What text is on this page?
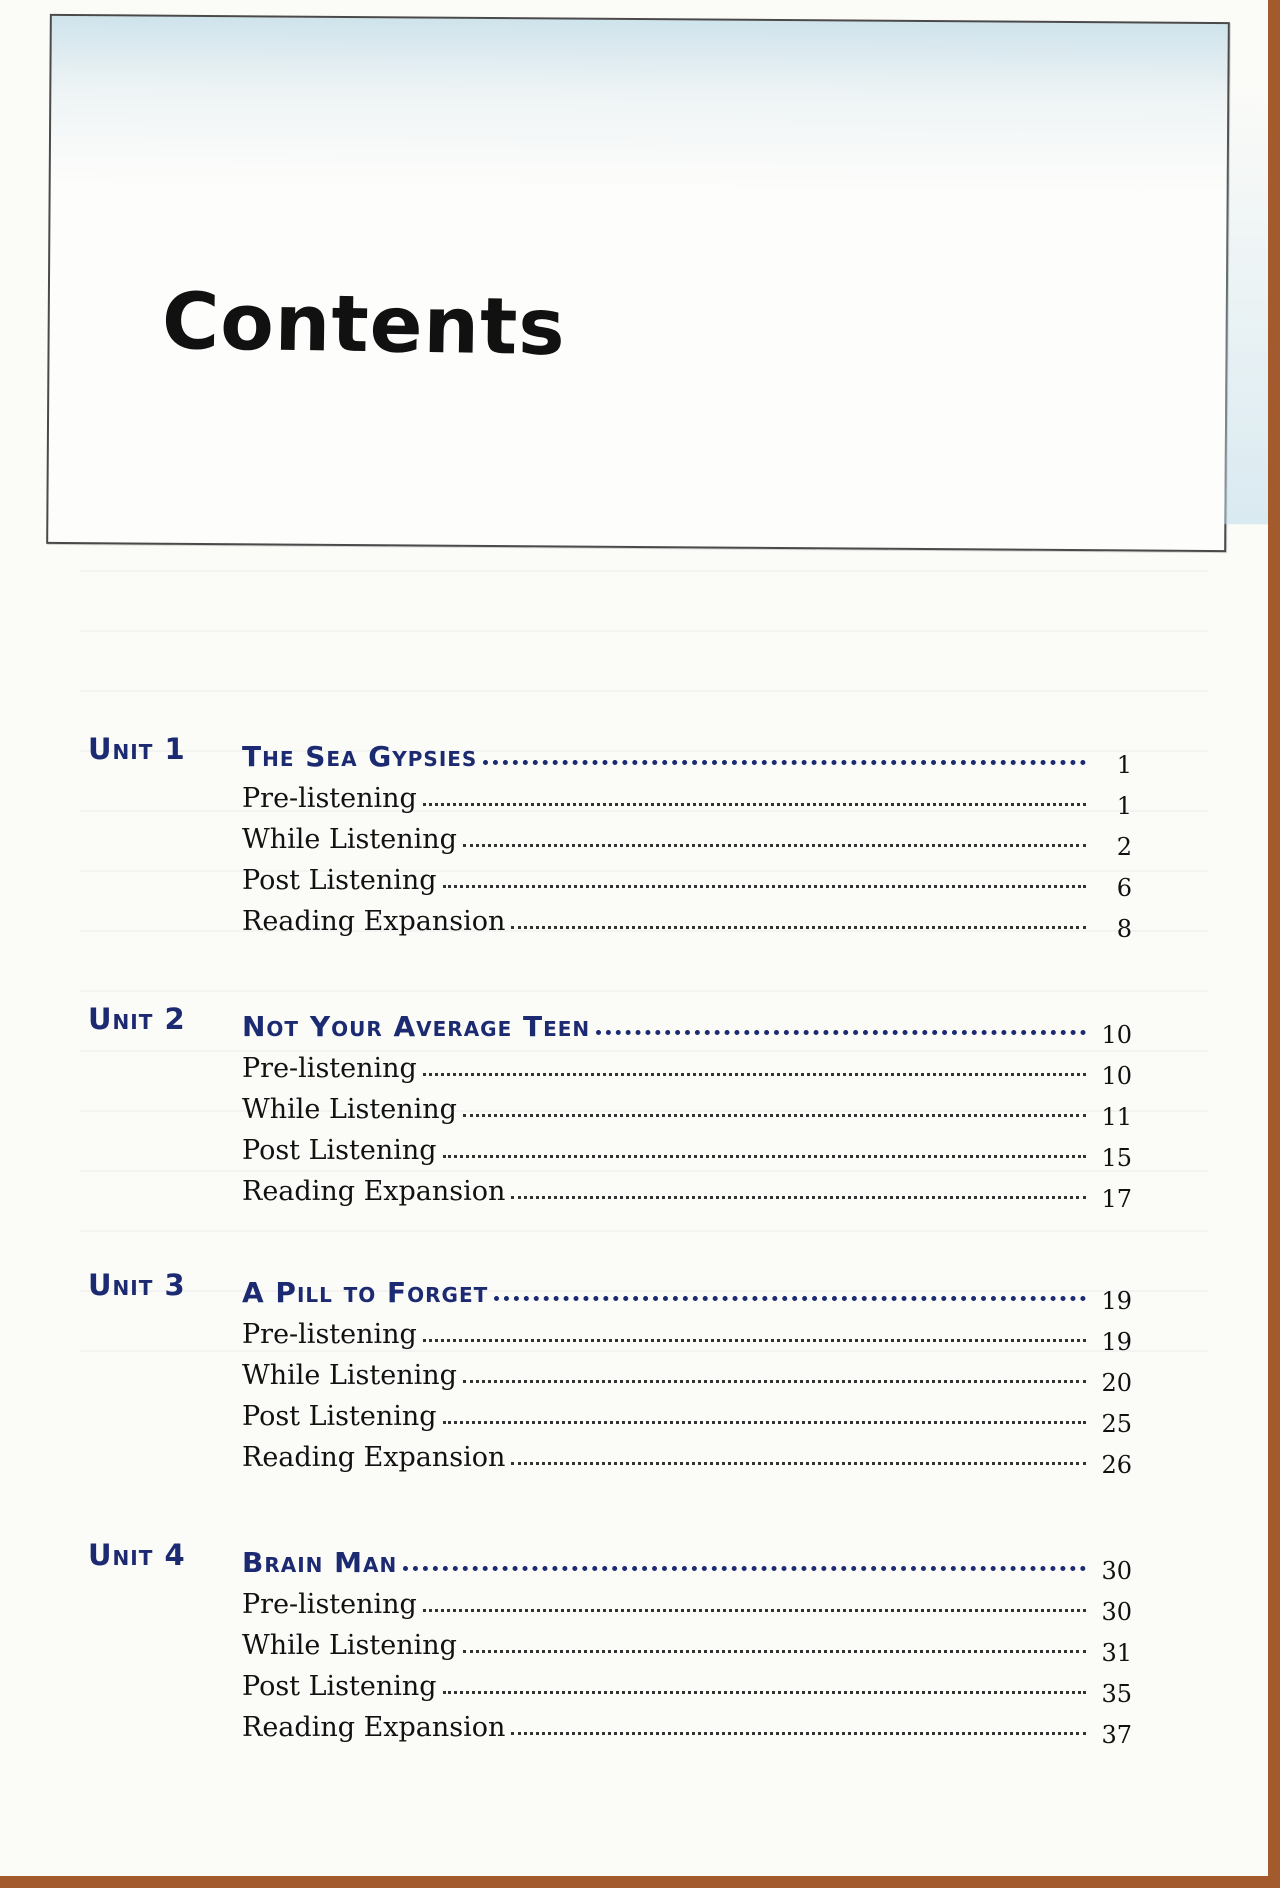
Contents
Unit 1 The Sea Gypsies	1
Pre-listening	1
While Listening	2
Post Listening	6
Reading Expansion	8
Unit 2 Not Your Average Teen	10
Pre-listening	10
While Listening	11
Post Listening	15
Reading Expansion	17
Unit 3 A Pill to Forget	19
Pre-listening	19
While Listening	20
Post Listening	25
Reading Expansion	26
Unit 4 Brain Man	30
Pre-listening	30
While Listening	31
Post Listening	35
Reading Expansion	37
